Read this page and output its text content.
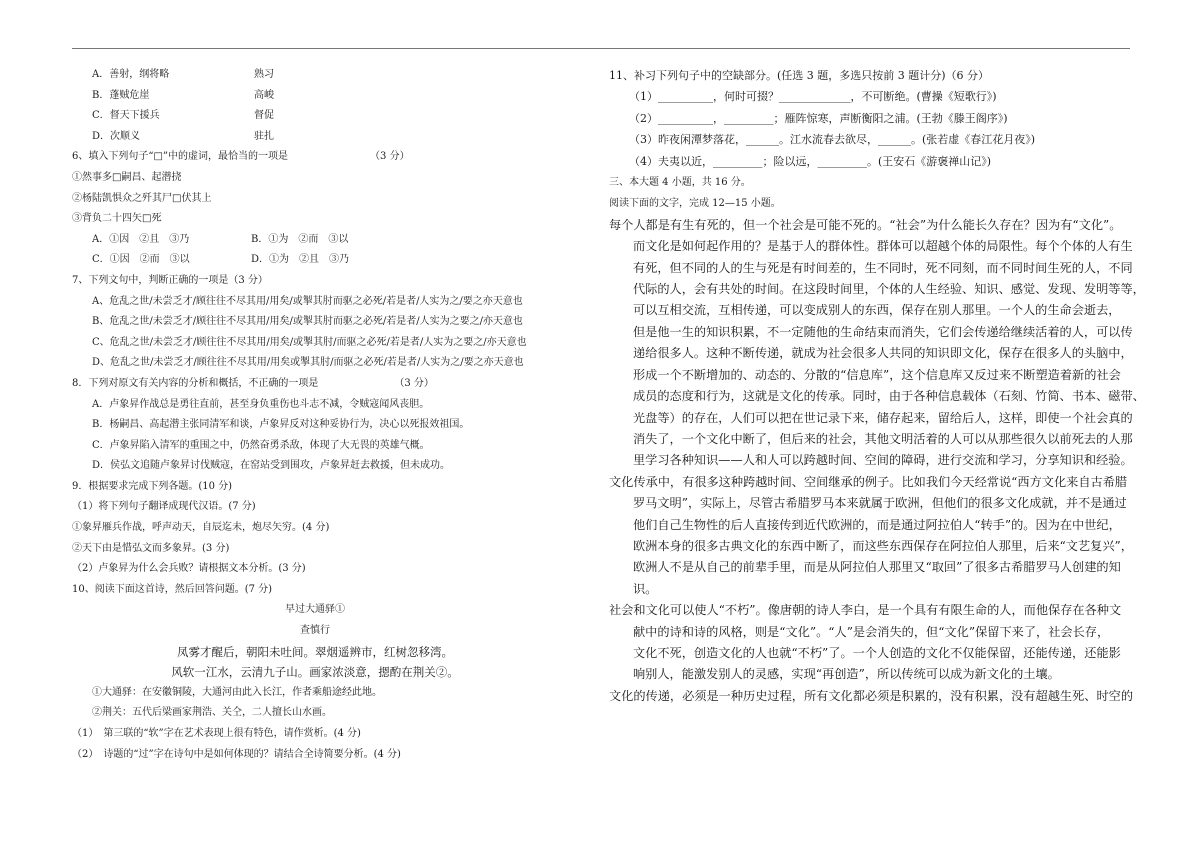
A．善射，纲将略	熟习
B．蓬贼危崖	高峻
C．督天下援兵	督促
D．次顺义	驻扎
6、填入下列句子“□”中的虚词，最恰当的一项是	（3 分）
①然事多□嗣昌、起潜挠
②杨陆凯惧众之歼其尸□伏其上
③背负二十四矢□死
A．①因　②且　③乃	B．①为　②而　③以
C．①因　②而　③以	D．①为　②且　③乃
7、下列文句中，判断正确的一项是（3 分）
A、危乱之世/未尝乏才/顾往往不尽其用/用矣/或掣其肘而驱之必死/若是者/人实为之/要之亦天意也
B、危乱之世/未尝乏才/顾往往不尽其用/用矣/或掣其肘而驱之必死/若是者/人实为之要之/亦天意也
C、危乱之世/未尝乏才/顾往往不尽其用/用矣/或掣其肘/而驱之必死/若是者/人实为之要之/亦天意也
D、危乱之世/未尝乏才/顾往往不尽其用/用矣或掣其肘/而驱之必死/若是者/人实为之/要之亦天意也
8．下列对原文有关内容的分析和概括，不正确的一项是	（3 分）
A．卢象昇作战总是勇往直前，甚至身负重伤也斗志不减，令贼寇闻风丧胆。
B．杨嗣昌、高起潜主张同清军和谈，卢象昇反对这种妥协行为，决心以死报效祖国。
C．卢象昇陷入清军的重围之中，仍然奋勇杀敌，体现了大无畏的英雄气概。
D．侯弘文追随卢象昇讨伐贼寇，在窑站受到围攻，卢象昇赶去救援，但未成功。
9．根据要求完成下列各题。(10 分)
（1）将下列句子翻译成现代汉语。(7 分)
①象昇雁兵作战，呼声动天，自辰迄未，炮尽矢穷。(4 分)
②天下由是惜弘文而多象昇。(3 分)
（2）卢象昇为什么会兵败？请根据文本分析。(3 分)
10、阅读下面这首诗，然后回答问题。(7 分)
早过大通驿①
查慎行
凤雾才醒后，朝阳未吐间。翠烟遥辨市，红树忽移湾。
风软一江水，云清九子山。画家浓淡意，摁酌在荆关②。
①大通驿：在安徽铜陵，大通河由此入长江，作者乘船途经此地。
②荆关：五代后梁画家荆浩、关仝，二人擅长山水画。
（1）　第三联的“软”字在艺术表现上很有特色，请作赏析。(4 分)
（2）　诗题的“过”字在诗句中是如何体现的？请结合全诗简要分析。(4 分)
11、补习下列句子中的空缺部分。(任选 3 题，多选只按前 3 题计分)（6 分）
（1）__________，何时可掇？_____________，不可断绝。(曹操《短歌行》)
（2）__________，_________；雁阵惊寒，声断衡阳之浦。(王勃《滕王阁序》)
（3）昨夜闲潭梦落花，______。江水流春去欲尽，______。(张若虚《春江花月夜》)
（4）夫夷以近，_________；险以远，_________。(王安石《游褒禅山记》)
三、本大题 4 小题，共 16 分。
阅读下面的文字，完成 12—15 小题。
每个人都是有生有死的，但一个社会是可能不死的。“社会”为什么能长久存在？因为有“文化”。
而文化是如何起作用的？是基于人的群体性。群体可以超越个体的局限性。每个个体的人有生
有死，但不同的人的生与死是有时间差的，生不同时，死不同刻，而不同时间生死的人，不同
代际的人，会有共处的时间。在这段时间里，个体的人生经验、知识、感觉、发现、发明等等，
可以互相交流，互相传递，可以变成别人的东西，保存在别人那里。一个人的生命会逝去，
但是他一生的知识积累，不一定随他的生命结束而消失，它们会传递给继续活着的人，可以传
递给很多人。这种不断传递，就成为社会很多人共同的知识即文化，保存在很多人的头脑中，
形成一个不断增加的、动态的、分散的“信息库”，这个信息库又反过来不断塑造着新的社会
成员的态度和行为，这就是文化的传承。同时，由于各种信息载体（石刻、竹简、书本、磁带、
光盘等）的存在，人们可以把在世记录下来，储存起来，留给后人，这样，即使一个社会真的
消失了，一个文化中断了，但后来的社会，其他文明活着的人可以从那些很久以前死去的人那
里学习各种知识——人和人可以跨越时间、空间的障碍，进行交流和学习，分享知识和经验。
文化传承中，有很多这种跨越时间、空间继承的例子。比如我们今天经常说“西方文化来自古希腊
罗马文明”，实际上，尽管古希腊罗马本来就属于欧洲，但他们的很多文化成就，并不是通过
他们自己生物性的后人直接传到近代欧洲的，而是通过阿拉伯人“转手”的。因为在中世纪，
欧洲本身的很多古典文化的东西中断了，而这些东西保存在阿拉伯人那里，后来“文艺复兴”，
欧洲人不是从自己的前辈手里，而是从阿拉伯人那里又“取回”了很多古希腊罗马人创建的知
识。
社会和文化可以使人“不朽”。像唐朝的诗人李白，是一个具有有限生命的人，而他保存在各种文
献中的诗和诗的风格，则是“文化”。“人”是会消失的，但“文化”保留下来了，社会长存，
文化不死，创造文化的人也就“不朽”了。一个人创造的文化不仅能保留，还能传递，还能影
响别人，能激发别人的灵感，实现“再创造”，所以传统可以成为新文化的土壤。
文化的传递，必须是一种历史过程，所有文化都必须是积累的，没有积累，没有超越生死、时空的
